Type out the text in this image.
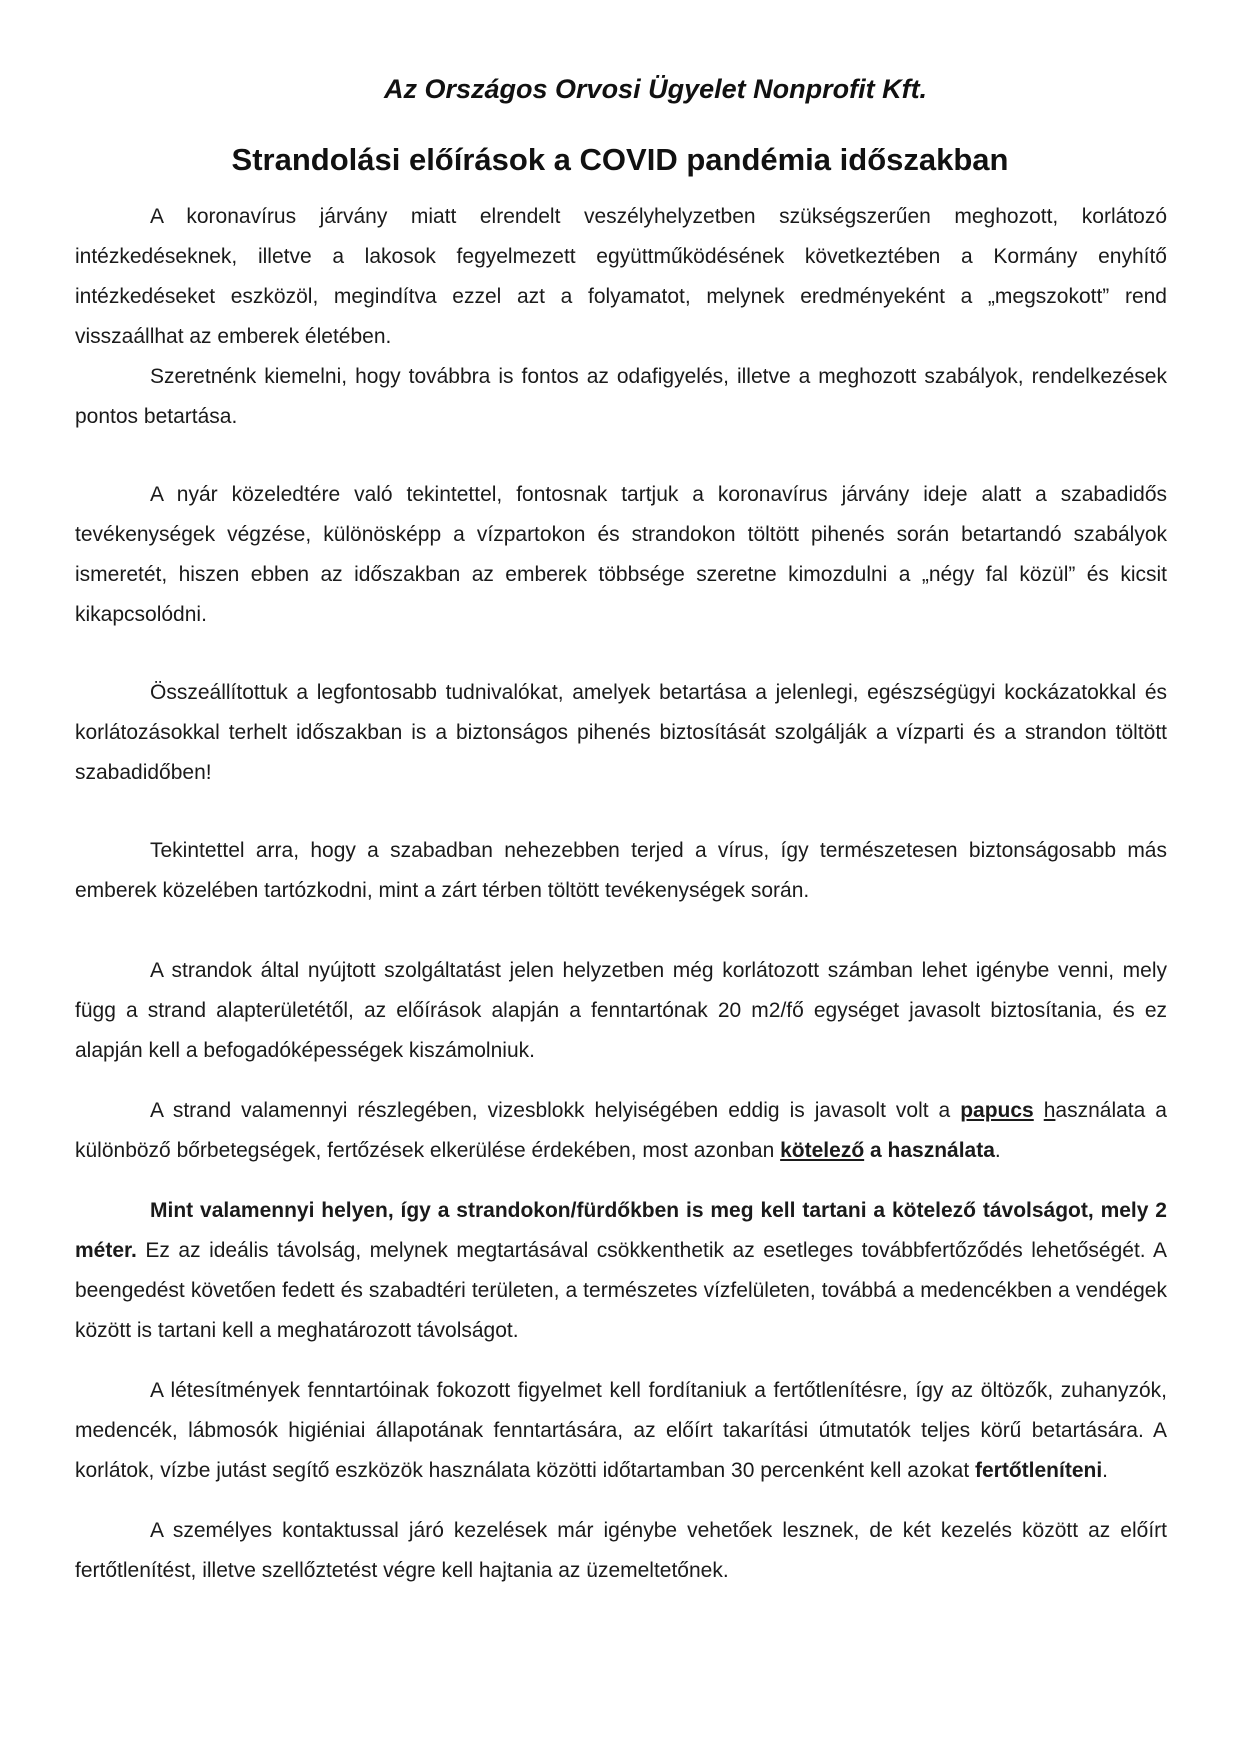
Az Országos Orvosi Ügyelet Nonprofit Kft.
Strandolási előírások a COVID pandémia időszakban

A koronavírus járvány miatt elrendelt veszélyhelyzetben szükségszerűen meghozott, korlátozó intézkedéseknek, illetve a lakosok fegyelmezett együttműködésének következtében a Kormány enyhítő intézkedéseket eszközöl, megindítva ezzel azt a folyamatot, melynek eredményeként a „megszokott” rend visszaállhat az emberek életében.

Szeretnénk kiemelni, hogy továbbra is fontos az odafigyelés, illetve a meghozott szabályok, rendelkezések pontos betartása.

A nyár közeledtére való tekintettel, fontosnak tartjuk a koronavírus járvány ideje alatt a szabadidős tevékenységek végzése, különösképp a vízpartokon és strandokon töltött pihenés során betartandó szabályok ismeretét, hiszen ebben az időszakban az emberek többsége szeretne kimozdulni a „négy fal közül” és kicsit kikapcsolódni.

Összeállítottuk a legfontosabb tudnivalókat, amelyek betartása a jelenlegi, egészségügyi kockázatokkal és korlátozásokkal terhelt időszakban is a biztonságos pihenés biztosítását szolgálják a vízparti és a strandon töltött szabadidőben!

Tekintettel arra, hogy a szabadban nehezebben terjed a vírus, így természetesen biztonságosabb más emberek közelében tartózkodni, mint a zárt térben töltött tevékenységek során.

A strandok által nyújtott szolgáltatást jelen helyzetben még korlátozott számban lehet igénybe venni, mely függ a strand alapterületétől, az előírások alapján a fenntartónak 20 m2/fő egységet javasolt biztosítania, és ez alapján kell a befogadóképességek kiszámolniuk.

A strand valamennyi részlegében, vizesblokk helyiségében eddig is javasolt volt a papucs használata a különböző bőrbetegségek, fertőzések elkerülése érdekében, most azonban kötelező a használata.

Mint valamennyi helyen, így a strandokon/fürdőkben is meg kell tartani a kötelező távolságot, mely 2 méter. Ez az ideális távolság, melynek megtartásával csökkenthetik az esetleges továbbfertőződés lehetőségét. A beengedést követően fedett és szabadtéri területen, a természetes vízfelületen, továbbá a medencékben a vendégek között is tartani kell a meghatározott távolságot.

A létesítmények fenntartóinak fokozott figyelmet kell fordítaniuk a fertőtlenítésre, így az öltözők, zuhanyzók, medencék, lábmosók higiéniai állapotának fenntartására, az előírt takarítási útmutatók teljes körű betartására. A korlátok, vízbe jutást segítő eszközök használata közötti időtartamban 30 percenként kell azokat fertőtleníteni.

A személyes kontaktussal járó kezelések már igénybe vehetőek lesznek, de két kezelés között az előírt fertőtlenítést, illetve szellőztetést végre kell hajtania az üzemeltetőnek.
